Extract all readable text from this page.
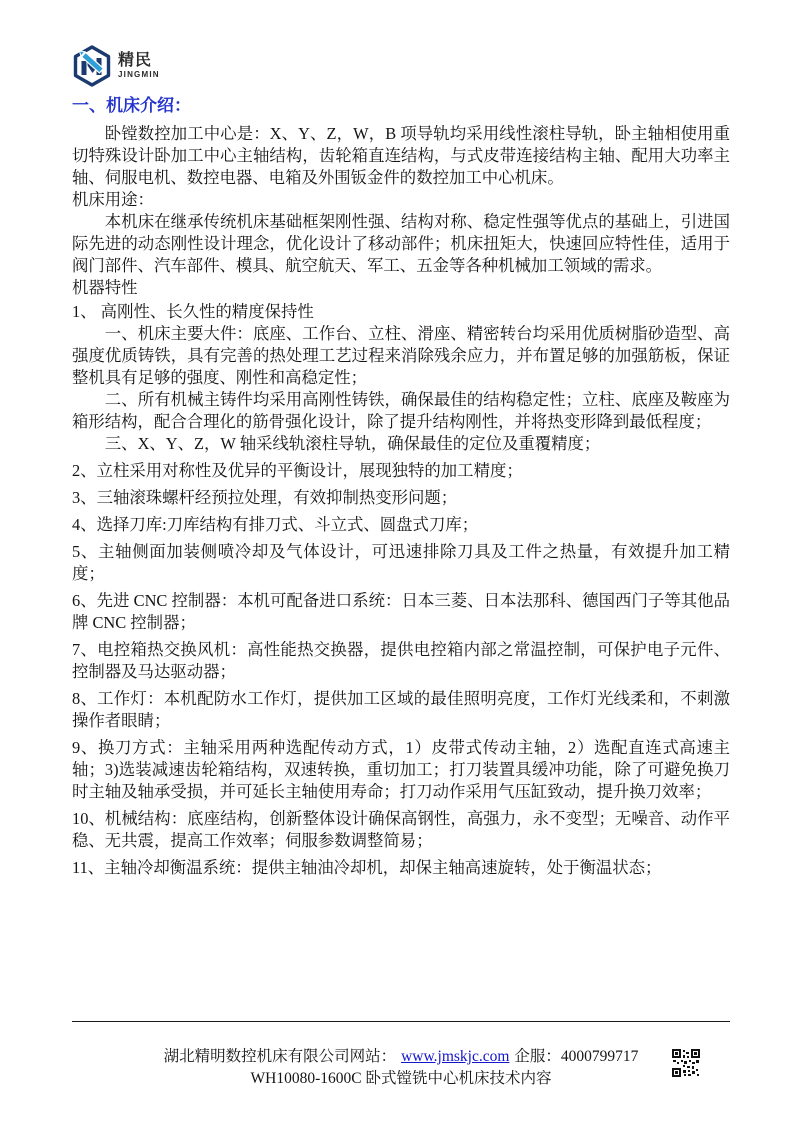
精民
JINGMIN
一、机床介绍：

卧镗数控加工中心是：X、Y、Z，W，B 项导轨均采用线性滚柱导轨，卧主轴相使用重切特殊设计卧加工中心主轴结构，齿轮箱直连结构，与式皮带连接结构主轴、配用大功率主轴、伺服电机、数控电器、电箱及外围钣金件的数控加工中心机床。

机床用途：

本机床在继承传统机床基础框架刚性强、结构对称、稳定性强等优点的基础上，引进国际先进的动态刚性设计理念，优化设计了移动部件；机床扭矩大，快速回应特性佳，适用于阀门部件、汽车部件、模具、航空航天、军工、五金等各种机械加工领域的需求。

机器特性

1、 高刚性、长久性的精度保持性

一、机床主要大件：底座、工作台、立柱、滑座、精密转台均采用优质树脂砂造型、高强度优质铸铁，具有完善的热处理工艺过程来消除残余应力，并布置足够的加强筋板，保证整机具有足够的强度、刚性和高稳定性；

二、所有机械主铸件均采用高刚性铸铁，确保最佳的结构稳定性；立柱、底座及鞍座为箱形结构，配合合理化的筋骨强化设计，除了提升结构刚性，并将热变形降到最低程度；

三、X、Y、Z，W 轴采线轨滚柱导轨，确保最佳的定位及重覆精度；

2、立柱采用对称性及优异的平衡设计，展现独特的加工精度；

3、三轴滚珠螺杆经预拉处理，有效抑制热变形问题；

4、选择刀库:刀库结构有排刀式、斗立式、圆盘式刀库；

5、主轴侧面加装侧喷冷却及气体设计，可迅速排除刀具及工件之热量，有效提升加工精度；

6、先进 CNC 控制器：本机可配备进口系统：日本三菱、日本法那科、德国西门子等其他品牌 CNC 控制器；

7、电控箱热交换风机：高性能热交换器，提供电控箱内部之常温控制，可保护电子元件、控制器及马达驱动器；

8、工作灯：本机配防水工作灯，提供加工区域的最佳照明亮度，工作灯光线柔和，不刺激操作者眼睛；

9、换刀方式：主轴采用两种选配传动方式，1）皮带式传动主轴，2）选配直连式高速主轴；3)选装减速齿轮箱结构，双速转换，重切加工；打刀装置具缓冲功能，除了可避免换刀时主轴及轴承受损，并可延长主轴使用寿命；打刀动作采用气压缸致动，提升换刀效率；

10、机械结构：底座结构，创新整体设计确保高钢性，高强力，永不变型；无噪音、动作平稳、无共震，提高工作效率；伺服参数调整简易；

11、主轴冷却衡温系统：提供主轴油冷却机，却保主轴高速旋转，处于衡温状态；

湖北精明数控机床有限公司网站： www.jmskjc.com 企服：4000799717
WH10080-1600C 卧式镗铣中心机床技术内容
